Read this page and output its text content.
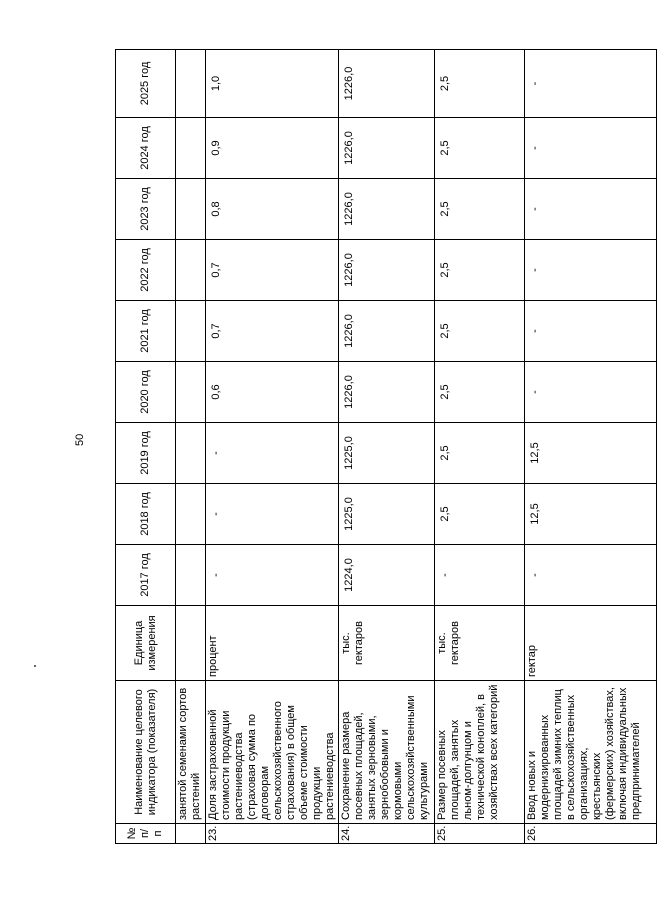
50
№ п/п	Наименование целевого индикатора (показателя)	Единица измерения	2017 год	2018 год	2019 год	2020 год	2021 год	2022 год	2023 год	2024 год	2025 год
	занятой семенами сортов растений										
23.	Доля застрахованной стоимости продукции растениеводства (страховая сумма по договорам сельскохозяйственного страхования) в общем объеме стоимости продукции растениеводства	процент	-	-	-	0,6	0,7	0,7	0,8	0,9	1,0
24.	Сохранение размера посевных площадей, занятых зерновыми, зернобобовыми и кормовыми сельскохозяйственными культурами	тыс. гектаров	1224,0	1225,0	1225,0	1226,0	1226,0	1226,0	1226,0	1226,0	1226,0
25.	Размер посевных площадей, занятых льном-долгунцом и технической коноплей, в хозяйствах всех категорий	тыс. гектаров	-	2,5	2,5	2,5	2,5	2,5	2,5	2,5	2,5
26.	Ввод новых и модернизированных площадей зимних теплиц в сельскохозяйственных организациях, крестьянских (фермерских) хозяйствах, включая индивидуальных предпринимателей	гектар	-	12,5	12,5	-	-	-	-	-	-
